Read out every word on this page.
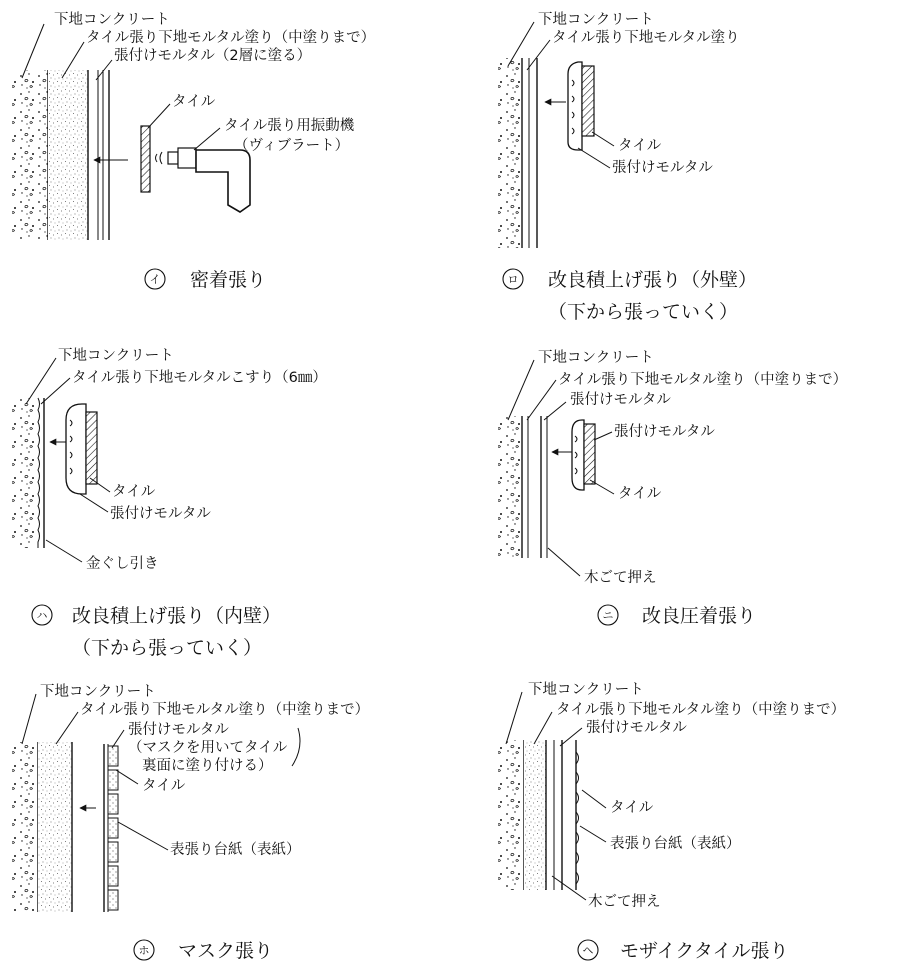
下地コンクリート
タイル張り下地モルタル塗り（中塗りまで）
張付けモルタル（2層に塗る）
タイル
タイル張り用振動機
（ヴィブラート）
イ 密着張り
下地コンクリート
タイル張り下地モルタル塗り
タイル
張付けモルタル
ロ 改良積上げ張り（外壁）
（下から張っていく）
下地コンクリート
タイル張り下地モルタルこすり（6㎜）
タイル
張付けモルタル
金ぐし引き
ハ 改良積上げ張り（内壁）
（下から張っていく）
下地コンクリート
タイル張り下地モルタル塗り（中塗りまで）
張付けモルタル
張付けモルタル
タイル
木ごて押え
ニ 改良圧着張り
下地コンクリート
タイル張り下地モルタル塗り（中塗りまで）
張付けモルタル
（マスクを用いてタイル
裏面に塗り付ける）
タイル
表張り台紙（表紙）
ホ マスク張り
下地コンクリート
タイル張り下地モルタル塗り（中塗りまで）
張付けモルタル
タイル
表張り台紙（表紙）
木ごて押え
ヘ モザイクタイル張り
